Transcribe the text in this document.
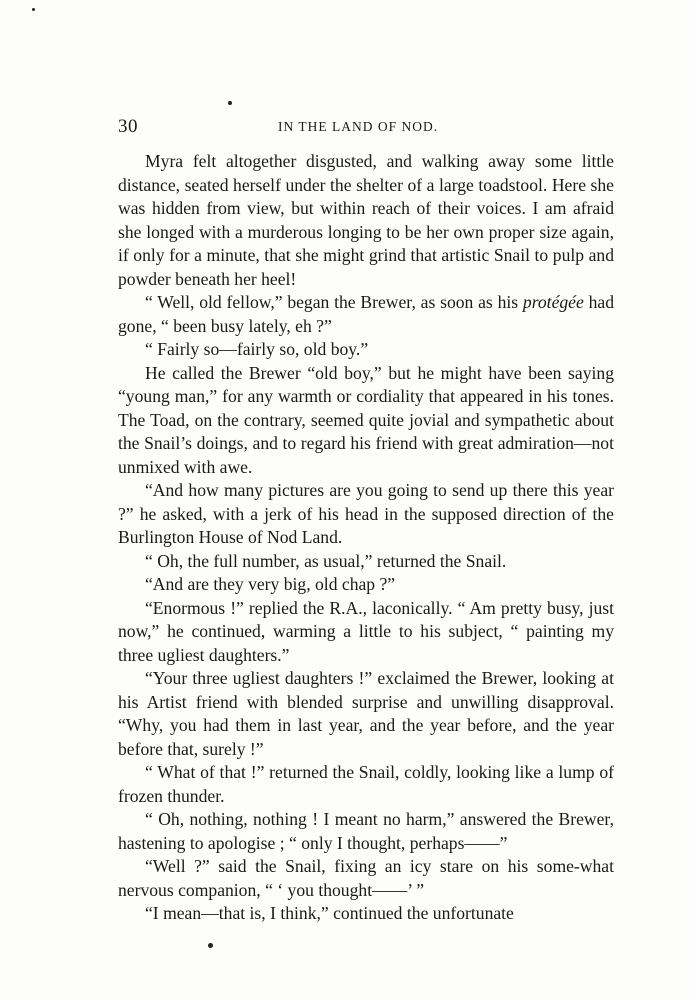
30	IN THE LAND OF NOD.

Myra felt altogether disgusted, and walking away some little distance, seated herself under the shelter of a large toadstool. Here she was hidden from view, but within reach of their voices. I am afraid she longed with a murderous longing to be her own proper size again, if only for a minute, that she might grind that artistic Snail to pulp and powder beneath her heel!

“ Well, old fellow,” began the Brewer, as soon as his protégée had gone, “ been busy lately, eh ?”

“ Fairly so—fairly so, old boy.”

He called the Brewer “old boy,” but he might have been saying “young man,” for any warmth or cordiality that appeared in his tones. The Toad, on the contrary, seemed quite jovial and sympathetic about the Snail’s doings, and to regard his friend with great admiration—not unmixed with awe.

“And how many pictures are you going to send up there this year ?” he asked, with a jerk of his head in the supposed direction of the Burlington House of Nod Land.

“ Oh, the full number, as usual,” returned the Snail.

“And are they very big, old chap ?”

“Enormous !” replied the R.A., laconically. “ Am pretty busy, just now,” he continued, warming a little to his subject, “ painting my three ugliest daughters.”

“Your three ugliest daughters !” exclaimed the Brewer, looking at his Artist friend with blended surprise and unwilling disapproval. “Why, you had them in last year, and the year before, and the year before that, surely !”

“ What of that !” returned the Snail, coldly, looking like a lump of frozen thunder.

“ Oh, nothing, nothing ! I meant no harm,” answered the Brewer, hastening to apologise ; “ only I thought, perhaps——”

“Well ?” said the Snail, fixing an icy stare on his some-what nervous companion, “ ‘ you thought——’ ”

“I mean—that is, I think,” continued the unfortunate
